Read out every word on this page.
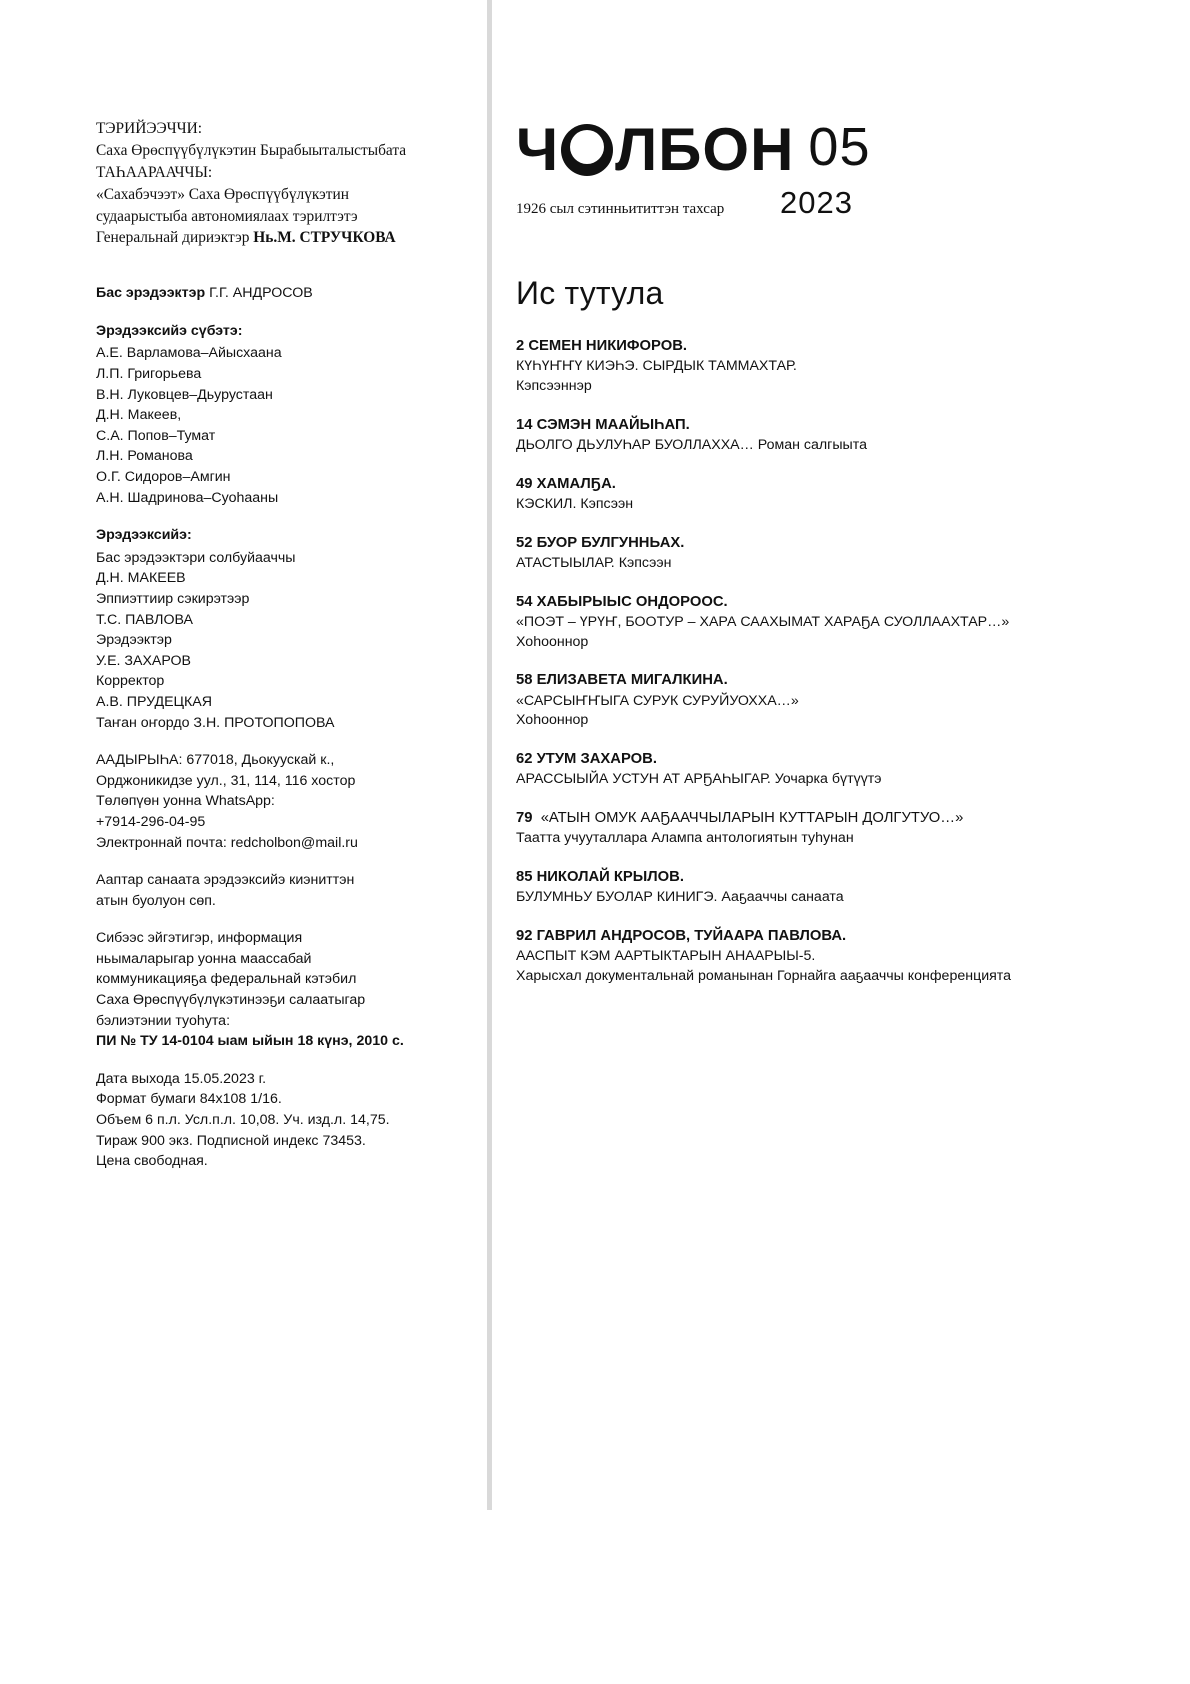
ТЭРИЙЭЭЧЧИ:
Саха Өрөспүүбүлүкэтин Бырабыыталыстыбата
ТАҺААРААЧЧЫ:
«Сахабэчээт» Саха Өрөспүүбүлүкэтин
судаарыстыба автономиялаах тэрилтэтэ
Генеральнай дириэктэр Нь.М. СТРУЧКОВА
Бас эрэдээктэр Г.Г. АНДРОСОВ
Эрэдээксийэ сүбэтэ:
А.Е. Варламова–Айысхаана
Л.П. Григорьева
В.Н. Луковцев–Дьурустаан
Д.Н. Макеев,
С.А. Попов–Тумат
Л.Н. Романова
О.Г. Сидоров–Амгин
А.Н. Шадринова–Суоһааны
Эрэдээксийэ:
Бас эрэдээктэри солбуйааччы
Д.Н. МАКЕЕВ
Эппиэттиир сэкирэтээр
Т.С. ПАВЛОВА
Эрэдээктэр
У.Е. ЗАХАРОВ
Корректор
А.В. ПРУДЕЦКАЯ
Таҥан оҥордо З.Н. ПРОТОПОПОВА
ААДЫРЫҺА: 677018, Дьокуускай к.,
Орджоникидзе уул., 31, 114, 116 хостор
Төлөпүөн уонна WhatsApp:
+7914-296-04-95
Электроннай почта: redcholbon@mail.ru
Ааптар санаата эрэдээксийэ киэниттэн
атын буолуон сөп.
Сибээс эйгэтигэр, информация
ньымаларыгар уонна маассабай
коммуникацияҕа федеральнай кэтэбил
Саха Өрөспүүбүлүкэтинээҕи салаатыгар
бэлиэтэнии туоһута:
ПИ № ТУ 14-0104 ыам ыйын 18 күнэ, 2010 с.
Дата выхода 15.05.2023 г.
Формат бумаги 84х108 1/16.
Объем 6 п.л. Усл.п.л. 10,08. Уч. изд.л. 14,75.
Тираж 900 экз. Подписной индекс 73453.
Цена свободная.
Ч ЛБОН 05
1926 сыл сэтинньититтэн тахсар	2023
Ис тутула
2 СЕМЕН НИКИФОРОВ.
КҮҺҮҤҤҮ КИЭҺЭ. СЫРДЫК ТАММАХТАР.
Кэпсээннэр
14 СЭМЭН МААЙЫҺАП.
ДЬОЛГО ДЬУЛУҺАР БУОЛЛАХХА… Роман салгыыта
49 ХАМАЛҔА.
КЭСКИЛ. Кэпсээн
52 БУОР БУЛГУННЬАХ.
АТАСТЫЫЛАР. Кэпсээн
54 ХАБЫРЫЫС ОНДОРООС.
«ПОЭТ – ҮРҮҤ, БООТУР – ХАРА СААХЫМАТ ХАРАҔА СУОЛЛААХТАР…»
Хоһооннор
58 ЕЛИЗАВЕТА МИГАЛКИНА.
«САРСЫҤҤЫГА СУРУК СУРУЙУОХХА…»
Хоһооннор
62 УТУМ ЗАХАРОВ.
АРАССЫЫЙА УСТУН АТ АРҔАҺЫГАР. Уочарка бүтүүтэ
79 «АТЫН ОМУК ААҔААЧЧЫЛАРЫН КУТТАРЫН ДОЛГУТУО…»
Таатта учууталлара Алампа антологиятын туһунан
85 НИКОЛАЙ КРЫЛОВ.
БУЛУМНЬУ БУОЛАР КИНИГЭ. Ааҕааччы санаата
92 ГАВРИЛ АНДРОСОВ, ТУЙААРА ПАВЛОВА.
ААСПЫТ КЭМ ААРТЫКТАРЫН АНААРЫЫ-5.
Харысхал документальнай романынан Горнайга ааҕааччы конференцията
